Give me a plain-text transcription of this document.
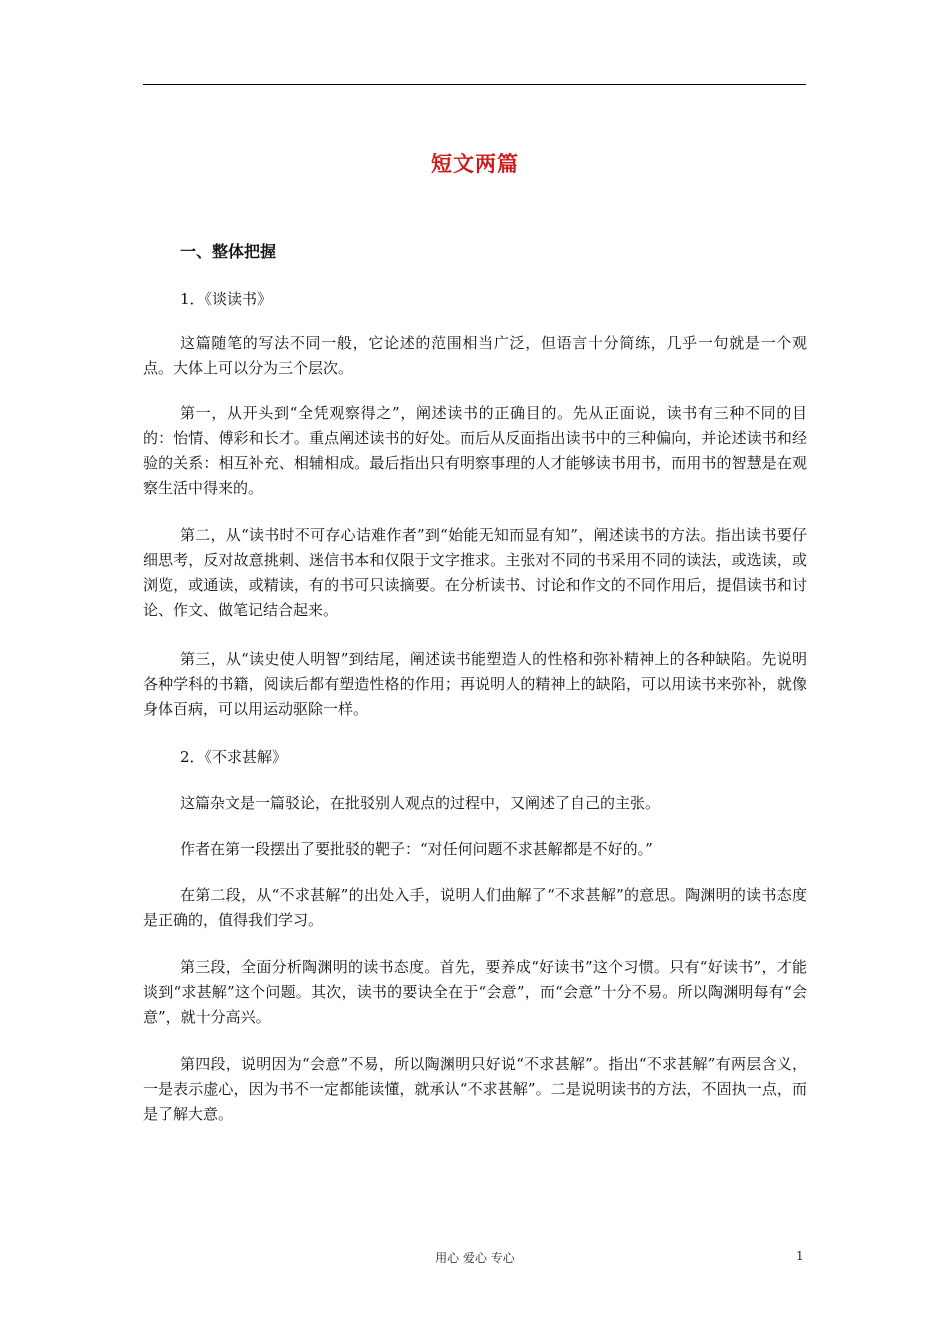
短文两篇
一、整体把握

1．《谈读书》

这篇随笔的写法不同一般，它论述的范围相当广泛，但语言十分简练，几乎一句就是一个观点。大体上可以分为三个层次。

第一，从开头到“全凭观察得之”，阐述读书的正确目的。先从正面说，读书有三种不同的目的：怡情、傅彩和长才。重点阐述读书的好处。而后从反面指出读书中的三种偏向，并论述读书和经验的关系：相互补充、相辅相成。最后指出只有明察事理的人才能够读书用书，而用书的智慧是在观察生活中得来的。

第二，从“读书时不可存心诘难作者”到“始能无知而显有知”，阐述读书的方法。指出读书要仔细思考，反对故意挑刺、迷信书本和仅限于文字推求。主张对不同的书采用不同的读法，或选读，或浏览，或通读，或精读，有的书可只读摘要。在分析读书、讨论和作文的不同作用后，提倡读书和讨论、作文、做笔记结合起来。

第三，从“读史使人明智”到结尾，阐述读书能塑造人的性格和弥补精神上的各种缺陷。先说明各种学科的书籍，阅读后都有塑造性格的作用；再说明人的精神上的缺陷，可以用读书来弥补，就像身体百病，可以用运动驱除一样。

2．《不求甚解》

这篇杂文是一篇驳论，在批驳别人观点的过程中，又阐述了自己的主张。

作者在第一段摆出了要批驳的靶子：“对任何问题不求甚解都是不好的。”

在第二段，从“不求甚解”的出处入手，说明人们曲解了“不求甚解”的意思。陶渊明的读书态度是正确的，值得我们学习。

第三段，全面分析陶渊明的读书态度。首先，要养成“好读书”这个习惯。只有“好读书”，才能谈到“求甚解”这个问题。其次，读书的要诀全在于“会意”，而“会意”十分不易。所以陶渊明每有“会意”，就十分高兴。

第四段，说明因为“会意”不易，所以陶渊明只好说“不求甚解”。指出“不求甚解”有两层含义，一是表示虚心，因为书不一定都能读懂，就承认“不求甚解”。二是说明读书的方法，不固执一点，而是了解大意。

用心 爱心 专心	1
